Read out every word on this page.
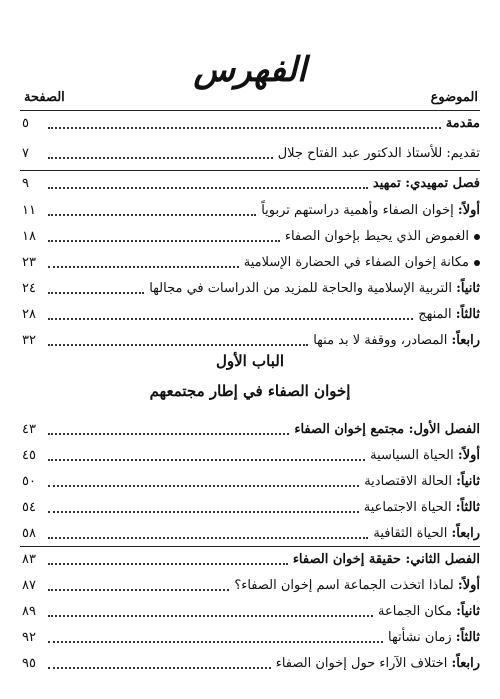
الفهرس
الموضوع
الصفحة
مقدمة
٥
تقديم: للأستاذ الدكتور عبد الفتاح جلال
٧
فصل تمهيدي: تمهيد
٩
أولاً: إخوان الصفاء وأهمية دراستهم تربوياً
١١
الغموض الذي يحيط بإخوان الصفاء
١٨
مكانة إخوان الصفاء في الحضارة الإسلامية
٢٣
ثانياً: التربية الإسلامية والحاجة للمزيد من الدراسات في مجالها
٢٤
ثالثاً: المنهج
٢٨
رابعاً: المصادر، ووقفة لا بد منها
٣٢
الباب الأول
إخوان الصفاء في إطار مجتمعهم
الفصل الأول: مجتمع إخوان الصفاء
٤٣
أولاً: الحياة السياسية
٤٥
ثانياً: الحالة الاقتصادية
٥٠
ثالثاً: الحياة الاجتماعية
٥٤
رابعاً: الحياة الثقافية
٥٨
الفصل الثاني: حقيقة إخوان الصفاء
٨٣
أولاً: لماذا اتخذت الجماعة اسم إخوان الصفاء؟
٨٧
ثانياً: مكان الجماعة
٨٩
ثالثاً: زمان نشأتها
٩٢
رابعاً: اختلاف الآراء حول إخوان الصفاء
٩٥
